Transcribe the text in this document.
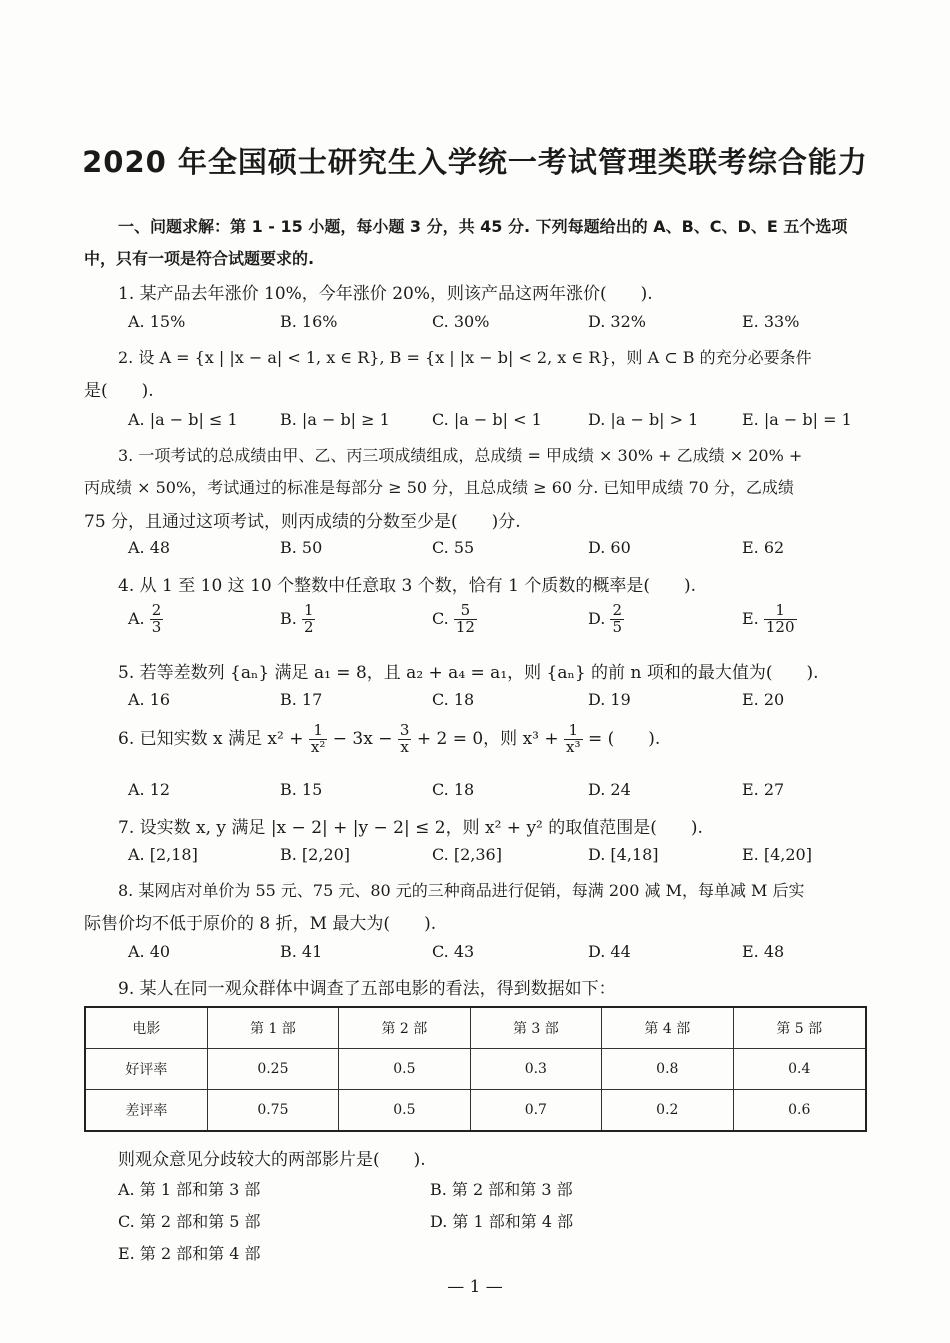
2020 年全国硕士研究生入学统一考试管理类联考综合能力
一、问题求解：第 1 - 15 小题，每小题 3 分，共 45 分. 下列每题给出的 A、B、C、D、E 五个选项
中，只有一项是符合试题要求的.
1. 某产品去年涨价 10%，今年涨价 20%，则该产品这两年涨价(　　).
A. 15%	B. 16%	C. 30%	D. 32%	E. 33%
2. 设 A = {x | |x − a| < 1, x ∈ R}, B = {x | |x − b| < 2, x ∈ R}，则 A ⊂ B 的充分必要条件
是(　　).
A. |a − b| ≤ 1	B. |a − b| ≥ 1	C. |a − b| < 1	D. |a − b| > 1	E. |a − b| = 1
3. 一项考试的总成绩由甲、乙、丙三项成绩组成，总成绩 = 甲成绩 × 30% + 乙成绩 × 20% +
丙成绩 × 50%，考试通过的标准是每部分 ≥ 50 分，且总成绩 ≥ 60 分. 已知甲成绩 70 分，乙成绩
75 分，且通过这项考试，则丙成绩的分数至少是(　　)分.
A. 48	B. 50	C. 55	D. 60	E. 62
4. 从 1 至 10 这 10 个整数中任意取 3 个数，恰有 1 个质数的概率是(　　).
A. $\frac{2}{3}$	B. $\frac{1}{2}$	C. $\frac{5}{12}$	D. $\frac{2}{5}$	E. $\frac{1}{120}$
5. 若等差数列 {aₙ} 满足 a₁ = 8，且 a₂ + a₄ = a₁，则 {aₙ} 的前 n 项和的最大值为(　　).
A. 16	B. 17	C. 18	D. 19	E. 20
6. 已知实数 x 满足 $x^2 + \frac{1}{\text{x²}} - 3x - \frac{3}{x} + 2 = 0$，则 $x^3 + \frac{1}{\text{x³}}$ = (　　).
A. 12	B. 15	C. 18	D. 24	E. 27
7. 设实数 x, y 满足 |x − 2| + |y − 2| ≤ 2，则 x² + y² 的取值范围是(　　).
A. [2,18]	B. [2,20]	C. [2,36]	D. [4,18]	E. [4,20]
8. 某网店对单价为 55 元、75 元、80 元的三种商品进行促销，每满 200 减 M，每单减 M 后实
际售价均不低于原价的 8 折，M 最大为(　　).
A. 40	B. 41	C. 43	D. 44	E. 48
9. 某人在同一观众群体中调查了五部电影的看法，得到数据如下：
电影	第 1 部	第 2 部	第 3 部	第 4 部	第 5 部
好评率	0.25	0.5	0.3	0.8	0.4
差评率	0.75	0.5	0.7	0.2	0.6
则观众意见分歧较大的两部影片是(　　).
A. 第 1 部和第 3 部	B. 第 2 部和第 3 部
C. 第 2 部和第 5 部	D. 第 1 部和第 4 部
E. 第 2 部和第 4 部
— 1 —
